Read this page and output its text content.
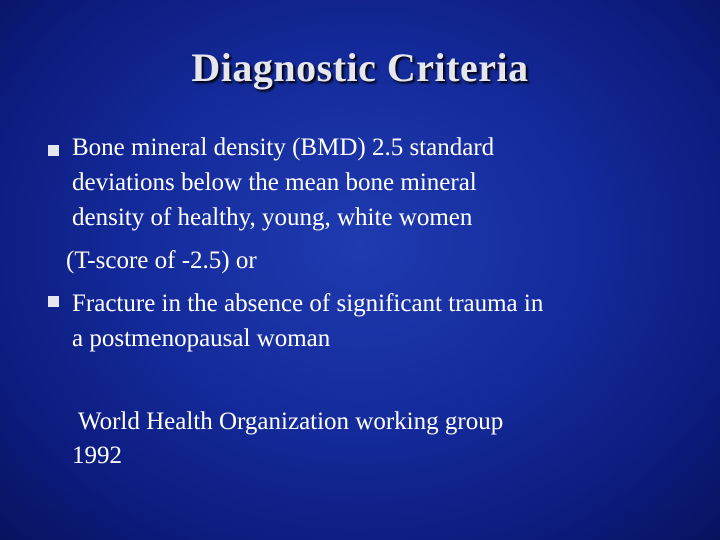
Diagnostic Criteria
Bone mineral density (BMD) 2.5 standard
deviations below the mean bone mineral
density of healthy, young, white women
(T-score of -2.5) or
Fracture in the absence of significant trauma in
a postmenopausal woman
World Health Organization working group
1992
